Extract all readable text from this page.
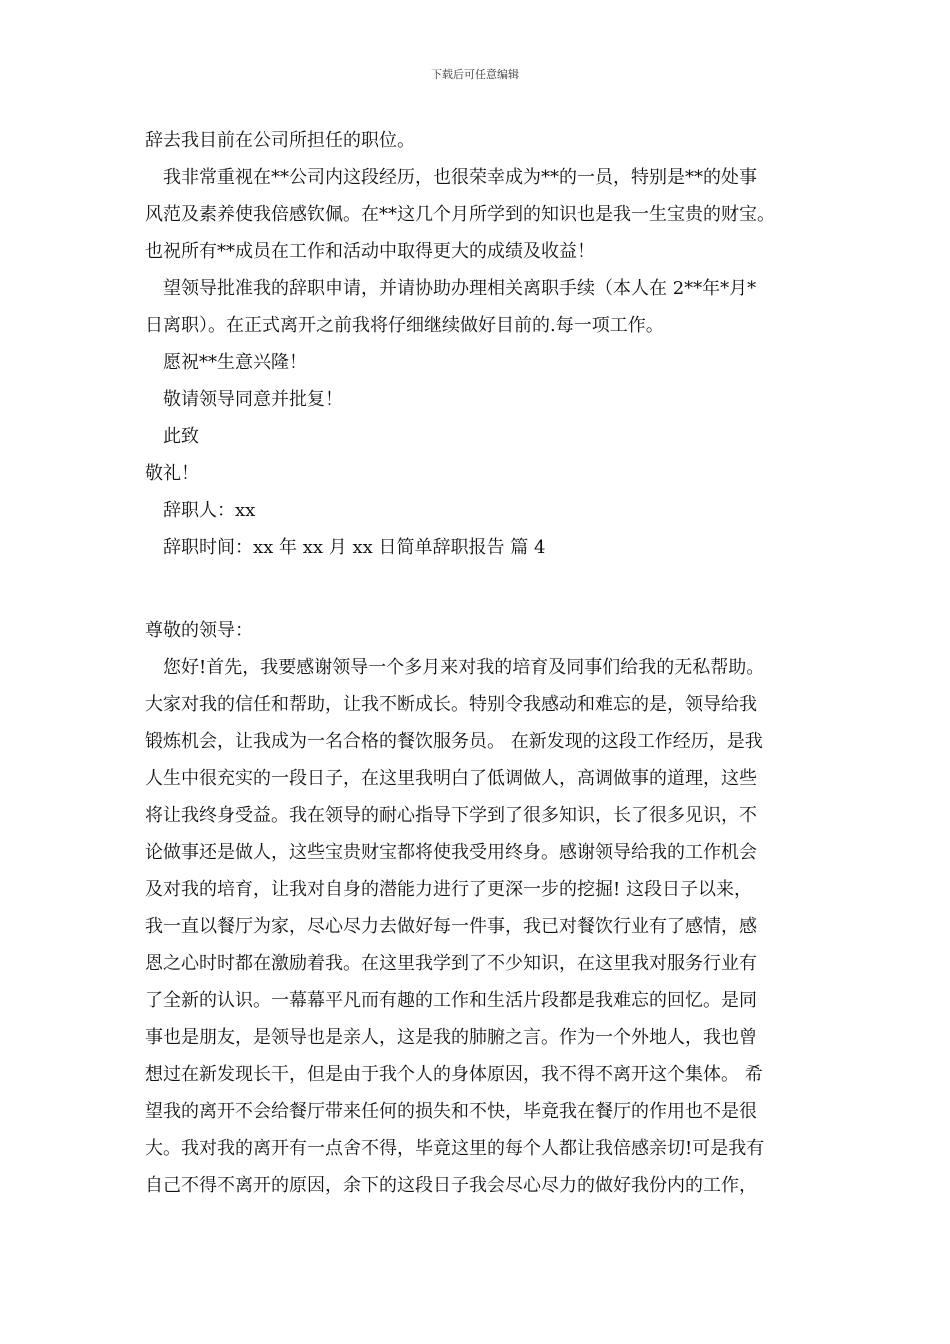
下载后可任意编辑
辞去我目前在公司所担任的职位。
　我非常重视在**公司内这段经历，也很荣幸成为**的一员，特别是**的处事
风范及素养使我倍感钦佩。在**这几个月所学到的知识也是我一生宝贵的财宝。
也祝所有**成员在工作和活动中取得更大的成绩及收益！
　望领导批准我的辞职申请，并请协助办理相关离职手续（本人在 2**年*月*
日离职）。在正式离开之前我将仔细继续做好目前的.每一项工作。
　愿祝**生意兴隆！
　敬请领导同意并批复！
　此致
敬礼！
　辞职人：xx
　辞职时间：xx 年 xx 月 xx 日简单辞职报告 篇 4
尊敬的领导：
　您好!首先，我要感谢领导一个多月来对我的培育及同事们给我的无私帮助。
大家对我的信任和帮助，让我不断成长。特别令我感动和难忘的是，领导给我
锻炼机会，让我成为一名合格的餐饮服务员。 在新发现的这段工作经历，是我
人生中很充实的一段日子，在这里我明白了低调做人，高调做事的道理，这些
将让我终身受益。我在领导的耐心指导下学到了很多知识，长了很多见识，不
论做事还是做人，这些宝贵财宝都将使我受用终身。感谢领导给我的工作机会
及对我的培育，让我对自身的潜能力进行了更深一步的挖掘! 这段日子以来，
我一直以餐厅为家，尽心尽力去做好每一件事，我已对餐饮行业有了感情，感
恩之心时时都在激励着我。在这里我学到了不少知识，在这里我对服务行业有
了全新的认识。一幕幕平凡而有趣的工作和生活片段都是我难忘的回忆。是同
事也是朋友，是领导也是亲人，这是我的肺腑之言。作为一个外地人，我也曾
想过在新发现长干，但是由于我个人的身体原因，我不得不离开这个集体。 希
望我的离开不会给餐厅带来任何的损失和不快，毕竟我在餐厅的作用也不是很
大。我对我的离开有一点舍不得，毕竟这里的每个人都让我倍感亲切!可是我有
自己不得不离开的原因，余下的这段日子我会尽心尽力的做好我份内的工作，
